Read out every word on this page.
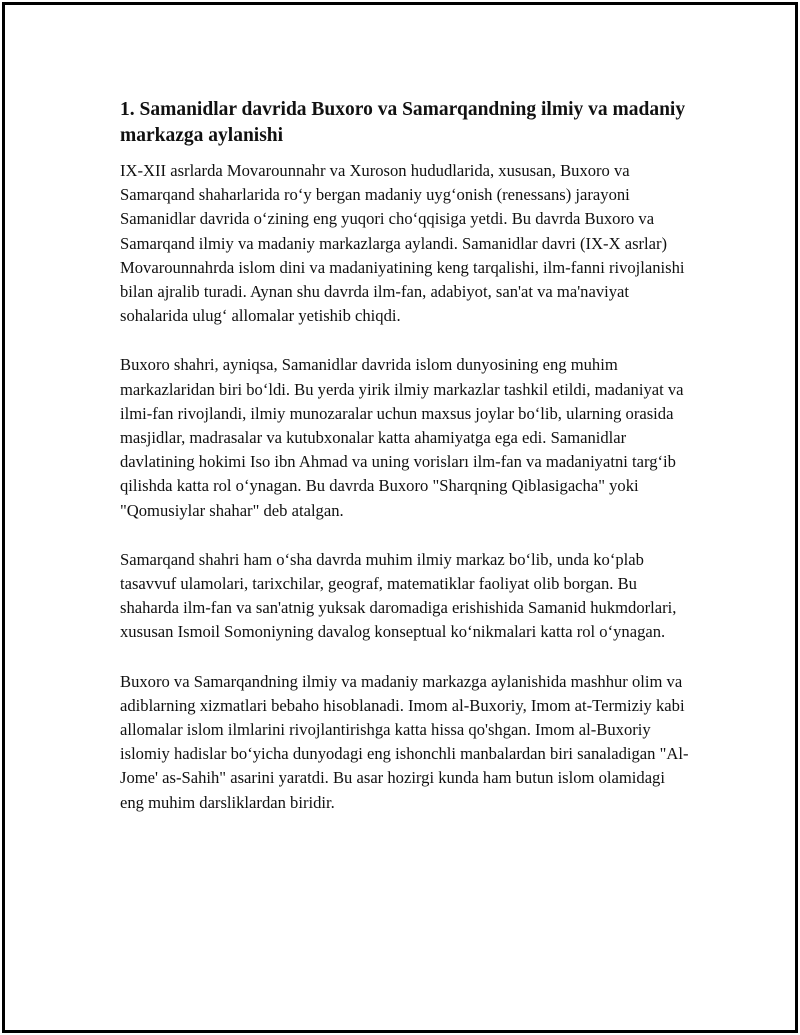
1. Samanidlar davrida Buxoro va Samarqandning ilmiy va madaniy markazga aylanishi

IX-XII asrlarda Movarounnahr va Xuroson hududlarida, xususan, Buxoro va Samarqand shaharlarida ro‘y bergan madaniy uyg‘onish (renessans) jarayoni Samanidlar davrida o‘zining eng yuqori cho‘qqisiga yetdi. Bu davrda Buxoro va Samarqand ilmiy va madaniy markazlarga aylandi. Samanidlar davri (IX-X asrlar) Movarounnahrda islom dini va madaniyatining keng tarqalishi, ilm-fanni rivojlanishi bilan ajralib turadi. Aynan shu davrda ilm-fan, adabiyot, san'at va ma'naviyat sohalarida ulug‘ allomalar yetishib chiqdi.

Buxoro shahri, ayniqsa, Samanidlar davrida islom dunyosining eng muhim markazlaridan biri bo‘ldi. Bu yerda yirik ilmiy markazlar tashkil etildi, madaniyat va ilmi-fan rivojlandi, ilmiy munozaralar uchun maxsus joylar bo‘lib, ularning orasida masjidlar, madrasalar va kutubxonalar katta ahamiyatga ega edi. Samanidlar davlatining hokimi Iso ibn Ahmad va uning vorisları ilm-fan va madaniyatni targ‘ib qilishda katta rol o‘ynagan. Bu davrda Buxoro "Sharqning Qiblasigacha" yoki "Qomusiylar shahar" deb atalgan.

Samarqand shahri ham o‘sha davrda muhim ilmiy markaz bo‘lib, unda ko‘plab tasavvuf ulamolari, tarixchilar, geograf, matematiklar faoliyat olib borgan. Bu shaharda ilm-fan va san'atnig yuksak daromadiga erishishida Samanid hukmdorlari, xususan Ismoil Somoniyning davalog konseptual ko‘nikmalari katta rol o‘ynagan.

Buxoro va Samarqandning ilmiy va madaniy markazga aylanishida mashhur olim va adiblarning xizmatlari bebaho hisoblanadi. Imom al-Buxoriy, Imom at-Termiziy kabi allomalar islom ilmlarini rivojlantirishga katta hissa qo'shgan. Imom al-Buxoriy islomiy hadislar bo‘yicha dunyodagi eng ishonchli manbalardan biri sanaladigan "Al-Jome' as-Sahih" asarini yaratdi. Bu asar hozirgi kunda ham butun islom olamidagi eng muhim darsliklardan biridir.
